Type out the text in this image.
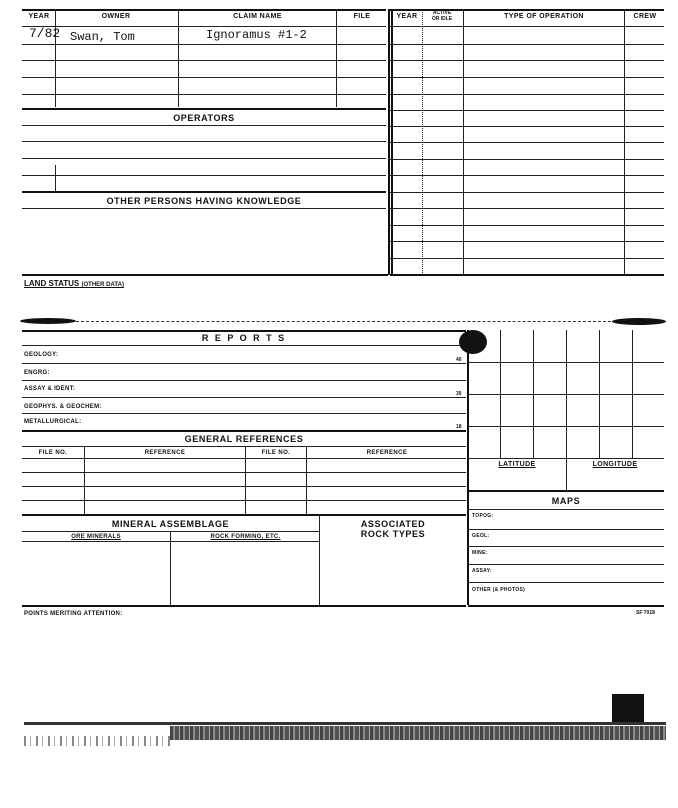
YEAR	OWNER	CLAIM NAME	FILE	YEAR	ACTIVE
OR IDLE	TYPE OF OPERATION	CREW
7/82 Swan, Tom	Ignoramus #1-2
OPERATORS
OTHER PERSONS HAVING KNOWLEDGE
LAND STATUS (OTHER DATA)
R E P O R T S
GEOLOGY:
40
ENGRG:
ASSAY & IDENT:
30
GEOPHYS. & GEOCHEM:
METALLURGICAL:
18
GENERAL REFERENCES
FILE NO.	REFERENCE	FILE NO.	REFERENCE
MINERAL ASSEMBLAGE
ORE MINERALS	ROCK FORMING, ETC.
ASSOCIATED
ROCK TYPES
LATITUDE	LONGITUDE
MAPS
TOPOG:
GEOL:
MINE:
ASSAY:
OTHER (& PHOTOS)
POINTS MERITING ATTENTION:	SF 7018
